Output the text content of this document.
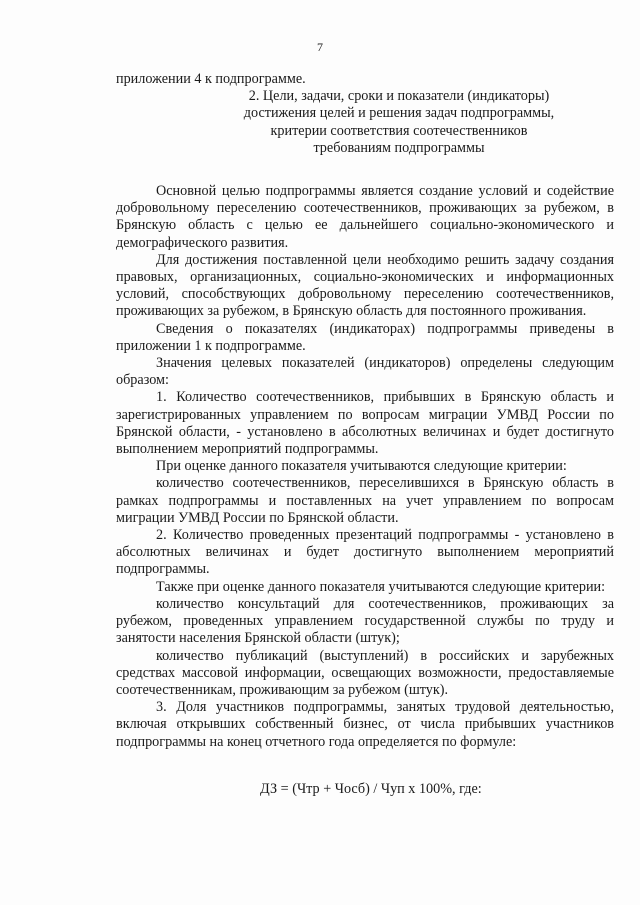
7

приложении 4 к подпрограмме.

2. Цели, задачи, сроки и показатели (индикаторы)
достижения целей и решения задач подпрограммы,
критерии соответствия соотечественников
требованиям подпрограммы

Основной целью подпрограммы является создание условий и содействие добровольному переселению соотечественников, проживающих за рубежом, в Брянскую область с целью ее дальнейшего социально-экономического и демографического развития.

Для достижения поставленной цели необходимо решить задачу создания правовых, организационных, социально-экономических и информационных условий, способствующих добровольному переселению соотечественников, проживающих за рубежом, в Брянскую область для постоянного проживания.

Сведения о показателях (индикаторах) подпрограммы приведены в приложении 1 к подпрограмме.

Значения целевых показателей (индикаторов) определены следующим образом:

1. Количество соотечественников, прибывших в Брянскую область и зарегистрированных управлением по вопросам миграции УМВД России по Брянской области, - установлено в абсолютных величинах и будет достигнуто выполнением мероприятий подпрограммы.

При оценке данного показателя учитываются следующие критерии:

количество соотечественников, переселившихся в Брянскую область в рамках подпрограммы и поставленных на учет управлением по вопросам миграции УМВД России по Брянской области.

2. Количество проведенных презентаций подпрограммы - установлено в абсолютных величинах и будет достигнуто выполнением мероприятий подпрограммы.

Также при оценке данного показателя учитываются следующие критерии:

количество консультаций для соотечественников, проживающих за рубежом, проведенных управлением государственной службы по труду и занятости населения Брянской области (штук);

количество публикаций (выступлений) в российских и зарубежных средствах массовой информации, освещающих возможности, предоставляемые соотечественникам, проживающим за рубежом (штук).

3. Доля участников подпрограммы, занятых трудовой деятельностью, включая открывших собственный бизнес, от числа прибывших участников подпрограммы на конец отчетного года определяется по формуле:

ДЗ = (Чтр + Чосб) / Чуп х 100%, где:
